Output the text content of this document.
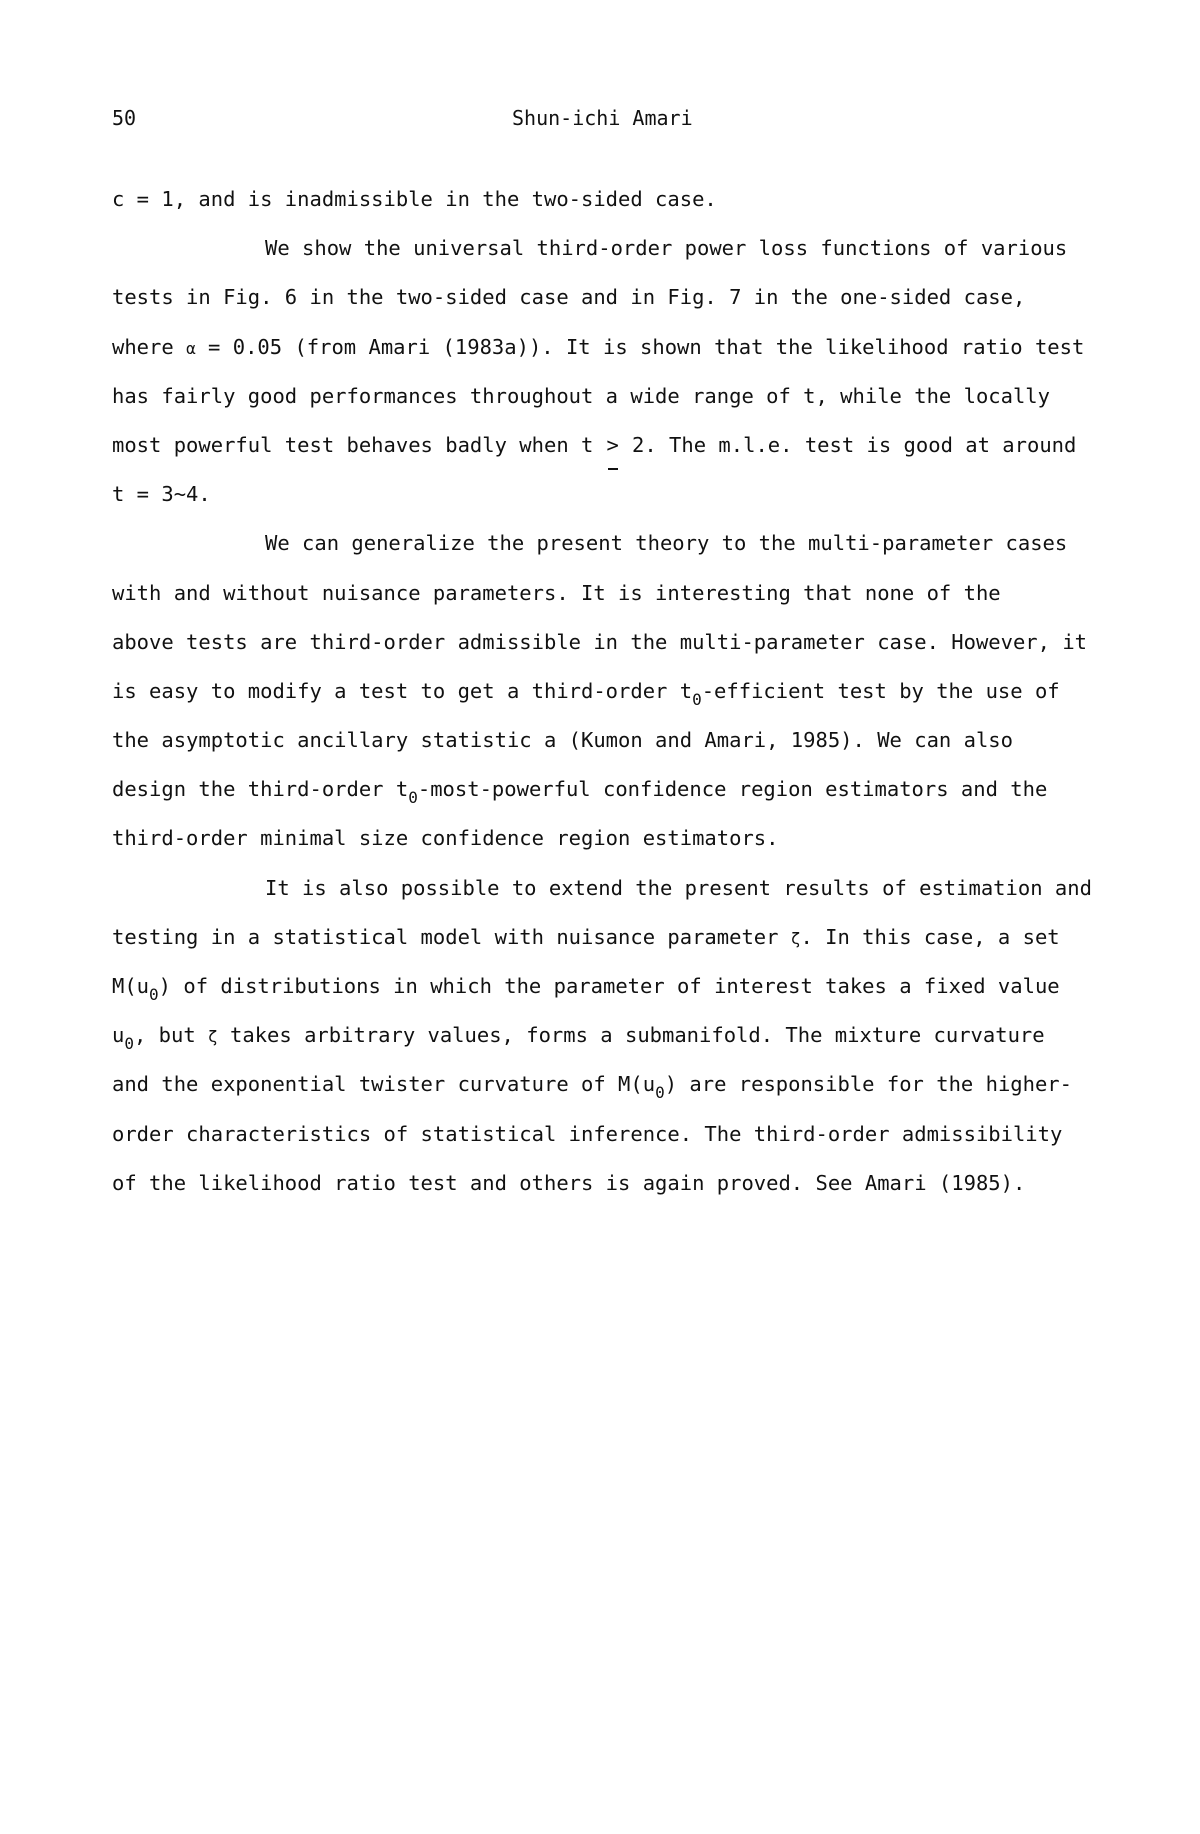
50	Shun-ichi Amari
c = 1, and is inadmissible in the two-sided case.
We show the universal third-order power loss functions of various
tests in Fig. 6 in the two-sided case and in Fig. 7 in the one-sided case,
where α = 0.05 (from Amari (1983a)). It is shown that the likelihood ratio test
has fairly good performances throughout a wide range of t, while the locally
most powerful test behaves badly when t > 2. The m.l.e. test is good at around
t = 3~4.
We can generalize the present theory to the multi-parameter cases
with and without nuisance parameters. It is interesting that none of the
above tests are third-order admissible in the multi-parameter case. However, it
is easy to modify a test to get a third-order $t_0$-efficient test by the use of
the asymptotic ancillary statistic a (Kumon and Amari, 1985). We can also
design the third-order $t_0-most$-powerful confidence region estimators and the
third-order minimal size confidence region estimators.
It is also possible to extend the present results of estimation and
testing in a statistical model with nuisance parameter ζ. In this case, a set
$M(u_0)$ of distributions in which the parameter of interest takes a fixed value
$u_0$, but ζ takes arbitrary values, forms a submanifold. The mixture curvature
and the exponential twister curvature of $M(u_0)$ are responsible for the higher-
order characteristics of statistical inference. The third-order admissibility
of the likelihood ratio test and others is again proved. See Amari (1985).
